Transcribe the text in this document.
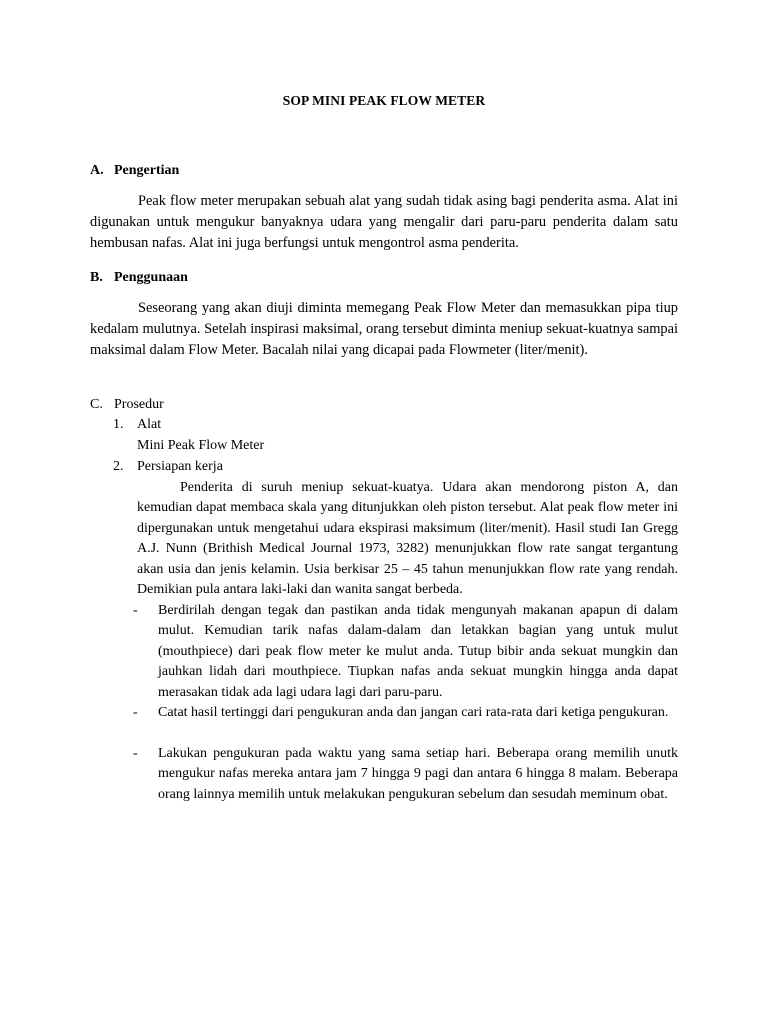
SOP MINI PEAK FLOW METER
A. Pengertian

Peak flow meter merupakan sebuah alat yang sudah tidak asing bagi penderita asma. Alat ini digunakan untuk mengukur banyaknya udara yang mengalir dari paru-paru penderita dalam satu hembusan nafas. Alat ini juga berfungsi untuk mengontrol asma penderita.

B. Penggunaan

Seseorang yang akan diuji diminta memegang Peak Flow Meter dan memasukkan pipa tiup kedalam mulutnya. Setelah inspirasi maksimal, orang tersebut diminta meniup sekuat-kuatnya sampai maksimal dalam Flow Meter. Bacalah nilai yang dicapai pada Flowmeter (liter/menit).

C. Prosedur
1. Alat
Mini Peak Flow Meter
2. Persiapan kerja

Penderita di suruh meniup sekuat-kuatya. Udara akan mendorong piston A, dan kemudian dapat membaca skala yang ditunjukkan oleh piston tersebut. Alat peak flow meter ini dipergunakan untuk mengetahui udara ekspirasi maksimum (liter/menit). Hasil studi Ian Gregg A.J. Nunn (Brithish Medical Journal 1973, 3282) menunjukkan flow rate sangat tergantung akan usia dan jenis kelamin. Usia berkisar 25 – 45 tahun menunjukkan flow rate yang rendah. Demikian pula antara laki-laki dan wanita sangat berbeda.

- Berdirilah dengan tegak dan pastikan anda tidak mengunyah makanan apapun di dalam mulut. Kemudian tarik nafas dalam-dalam dan letakkan bagian yang untuk mulut (mouthpiece) dari peak flow meter ke mulut anda. Tutup bibir anda sekuat mungkin dan jauhkan lidah dari mouthpiece. Tiupkan nafas anda sekuat mungkin hingga anda dapat merasakan tidak ada lagi udara lagi dari paru-paru.

- Catat hasil tertinggi dari pengukuran anda dan jangan cari rata-rata dari ketiga pengukuran.

- Lakukan pengukuran pada waktu yang sama setiap hari. Beberapa orang memilih unutk mengukur nafas mereka antara jam 7 hingga 9 pagi dan antara 6 hingga 8 malam. Beberapa orang lainnya memilih untuk melakukan pengukuran sebelum dan sesudah meminum obat.
